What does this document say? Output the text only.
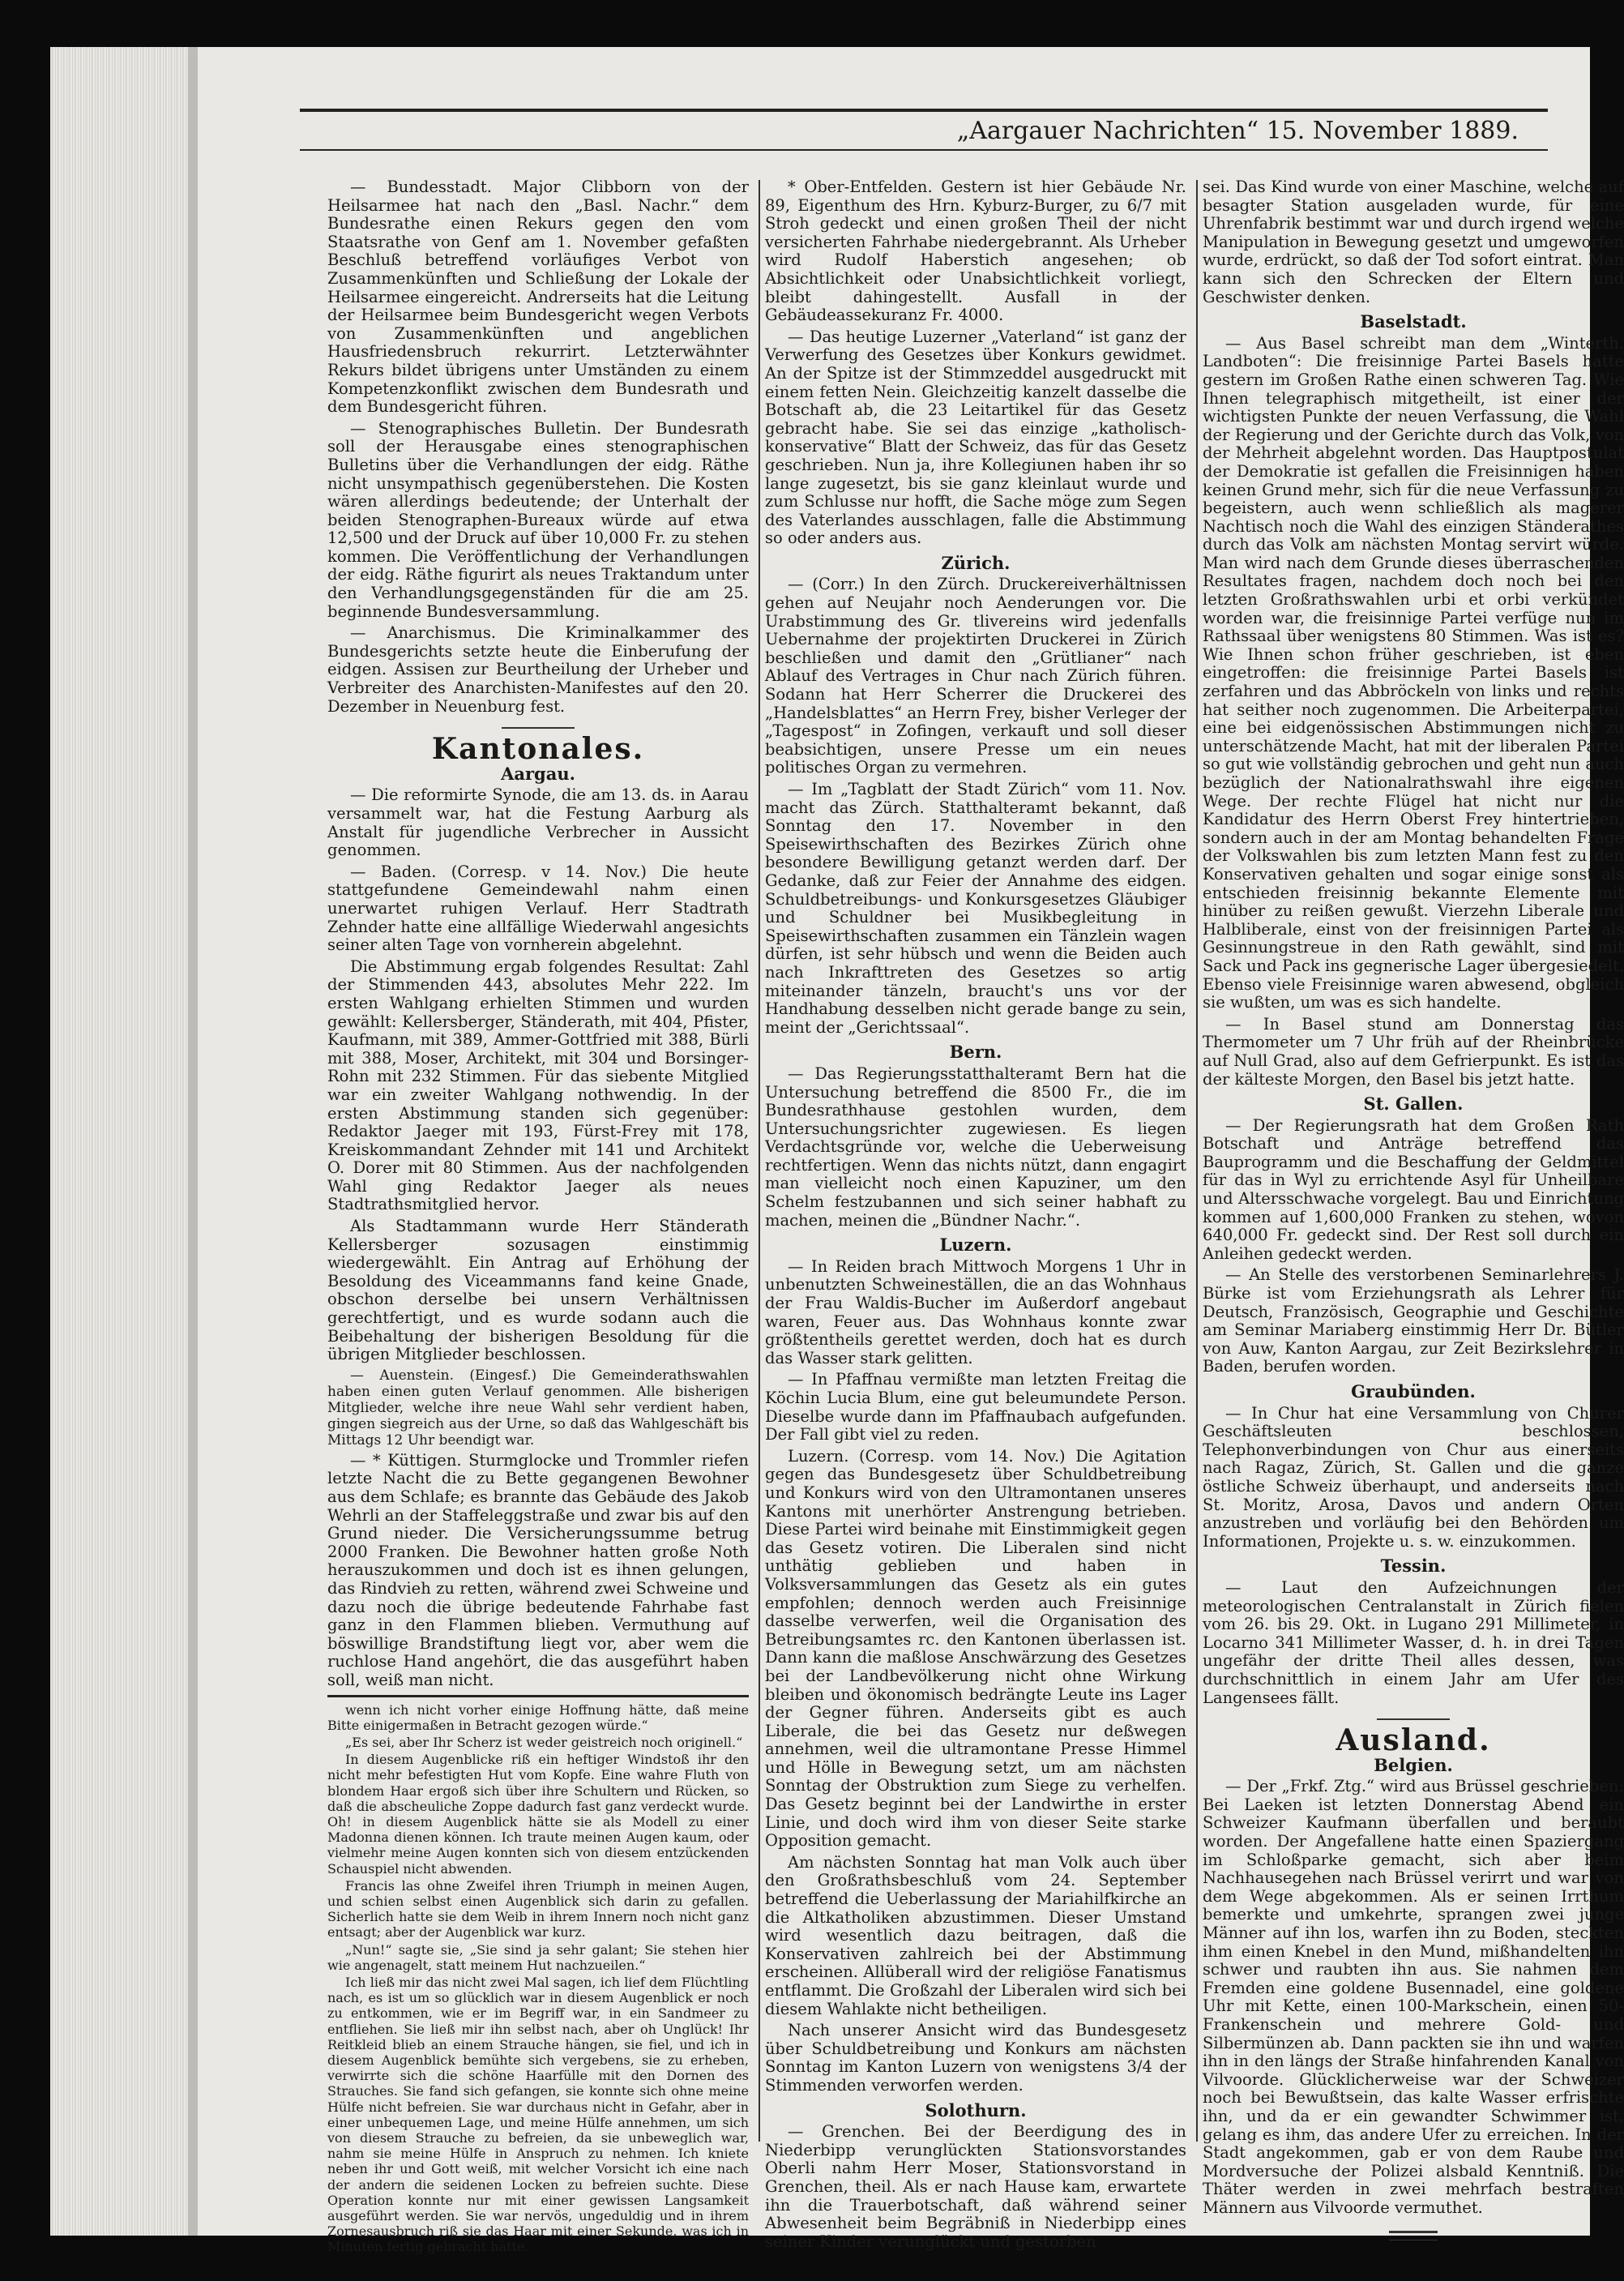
„Aargauer Nachrichten“ 15. November 1889.

— Bundesstadt. Major Clibborn von der Heilsarmee hat nach den „Basl. Nachr.“ dem Bundesrathe einen Rekurs gegen den vom Staatsrathe von Genf am 1. November gefaßten Beschluß betreffend vorläufiges Verbot von Zusammenkünften und Schließung der Lokale der Heilsarmee eingereicht. Andrerseits hat die Leitung der Heilsarmee beim Bundesgericht wegen Verbots von Zusammenkünften und angeblichen Hausfriedensbruch rekurrirt. Letzterwähnter Rekurs bildet übrigens unter Umständen zu einem Kompetenzkonflikt zwischen dem Bundesrath und dem Bundesgericht führen.

— Stenographisches Bulletin. Der Bundesrath soll der Herausgabe eines stenographischen Bulletins über die Verhandlungen der eidg. Räthe nicht unsympathisch gegenüberstehen. Die Kosten wären allerdings bedeutende; der Unterhalt der beiden Stenographen-Bureaux würde auf etwa 12,500 und der Druck auf über 10,000 Fr. zu stehen kommen. Die Veröffentlichung der Verhandlungen der eidg. Räthe figurirt als neues Traktandum unter den Verhandlungsgegenständen für die am 25. beginnende Bundesversammlung.

— Anarchismus. Die Kriminalkammer des Bundesgerichts setzte heute die Einberufung der eidgen. Assisen zur Beurtheilung der Urheber und Verbreiter des Anarchisten-Manifestes auf den 20. Dezember in Neuenburg fest.

Kantonales.
Aargau.

— Die reformirte Synode, die am 13. ds. in Aarau versammelt war, hat die Festung Aarburg als Anstalt für jugendliche Verbrecher in Aussicht genommen.

— Baden. (Corresp. v 14. Nov.) Die heute stattgefundene Gemeindewahl nahm einen unerwartet ruhigen Verlauf. Herr Stadtrath Zehnder hatte eine allfällige Wiederwahl angesichts seiner alten Tage von vornherein abgelehnt.

Die Abstimmung ergab folgendes Resultat: Zahl der Stimmenden 443, absolutes Mehr 222. Im ersten Wahlgang erhielten Stimmen und wurden gewählt: Kellersberger, Ständerath, mit 404, Pfister, Kaufmann, mit 389, Ammer-Gottfried mit 388, Bürli mit 388, Moser, Architekt, mit 304 und Borsinger-Rohn mit 232 Stimmen. Für das siebente Mitglied war ein zweiter Wahlgang nothwendig. In der ersten Abstimmung standen sich gegenüber: Redaktor Jaeger mit 193, Fürst-Frey mit 178, Kreiskommandant Zehnder mit 141 und Architekt O. Dorer mit 80 Stimmen. Aus der nachfolgenden Wahl ging Redaktor Jaeger als neues Stadtrathsmitglied hervor.

Als Stadtammann wurde Herr Ständerath Kellersberger sozusagen einstimmig wiedergewählt. Ein Antrag auf Erhöhung der Besoldung des Viceammanns fand keine Gnade, obschon derselbe bei unsern Verhältnissen gerechtfertigt, und es wurde sodann auch die Beibehaltung der bisherigen Besoldung für die übrigen Mitglieder beschlossen.

— Auenstein. (Eingesf.) Die Gemeinderathswahlen haben einen guten Verlauf genommen. Alle bisherigen Mitglieder, welche ihre neue Wahl sehr verdient haben, gingen siegreich aus der Urne, so daß das Wahlgeschäft bis Mittags 12 Uhr beendigt war.

— * Küttigen. Sturmglocke und Trommler riefen letzte Nacht die zu Bette gegangenen Bewohner aus dem Schlafe; es brannte das Gebäude des Jakob Wehrli an der Staffeleggstraße und zwar bis auf den Grund nieder. Die Versicherungssumme betrug 2000 Franken. Die Bewohner hatten große Noth herauszukommen und doch ist es ihnen gelungen, das Rindvieh zu retten, während zwei Schweine und dazu noch die übrige bedeutende Fahrhabe fast ganz in den Flammen blieben. Vermuthung auf böswillige Brandstiftung liegt vor, aber wem die ruchlose Hand angehört, die das ausgeführt haben soll, weiß man nicht.

wenn ich nicht vorher einige Hoffnung hätte, daß meine Bitte einigermaßen in Betracht gezogen würde.“

„Es sei, aber Ihr Scherz ist weder geistreich noch originell.“

In diesem Augenblicke riß ein heftiger Windstoß ihr den nicht mehr befestigten Hut vom Kopfe. Eine wahre Fluth von blondem Haar ergoß sich über ihre Schultern und Rücken, so daß die abscheuliche Zoppe dadurch fast ganz verdeckt wurde. Oh! in diesem Augenblick hätte sie als Modell zu einer Madonna dienen können. Ich traute meinen Augen kaum, oder vielmehr meine Augen konnten sich von diesem entzückenden Schauspiel nicht abwenden.

Francis las ohne Zweifel ihren Triumph in meinen Augen, und schien selbst einen Augenblick sich darin zu gefallen. Sicherlich hatte sie dem Weib in ihrem Innern noch nicht ganz entsagt; aber der Augenblick war kurz.

„Nun!“ sagte sie, „Sie sind ja sehr galant; Sie stehen hier wie angenagelt, statt meinem Hut nachzueilen.“

Ich ließ mir das nicht zwei Mal sagen, ich lief dem Flüchtling nach, es ist um so glücklich war in diesem Augenblick er noch zu entkommen, wie er im Begriff war, in ein Sandmeer zu entfliehen. Sie ließ mir ihn selbst nach, aber oh Unglück! Ihr Reitkleid blieb an einem Strauche hängen, sie fiel, und ich in diesem Augenblick bemühte sich vergebens, sie zu erheben, verwirrte sich die schöne Haarfülle mit den Dornen des Strauches. Sie fand sich gefangen, sie konnte sich ohne meine Hülfe nicht befreien. Sie war durchaus nicht in Gefahr, aber in einer unbequemen Lage, und meine Hülfe annehmen, um sich von diesem Strauche zu befreien, da sie unbeweglich war, nahm sie meine Hülfe in Anspruch zu nehmen. Ich kniete neben ihr und Gott weiß, mit welcher Vorsicht ich eine nach der andern die seidenen Locken zu befreien suchte. Diese Operation konnte nur mit einer gewissen Langsamkeit ausgeführt werden. Sie war nervös, ungeduldig und in ihrem Zornesausbruch riß sie das Haar mit einer Sekunde, was ich in Minuten fertig gebracht hätte.

* Ober-Entfelden. Gestern ist hier Gebäude Nr. 89, Eigenthum des Hrn. Kyburz-Burger, zu 6/7 mit Stroh gedeckt und einen großen Theil der nicht versicherten Fahrhabe niedergebrannt. Als Urheber wird Rudolf Haberstich angesehen; ob Absichtlichkeit oder Unabsichtlichkeit vorliegt, bleibt dahingestellt. Ausfall in der Gebäudeassekuranz Fr. 4000.

— Das heutige Luzerner „Vaterland“ ist ganz der Verwerfung des Gesetzes über Konkurs gewidmet. An der Spitze ist der Stimmzeddel ausgedruckt mit einem fetten Nein. Gleichzeitig kanzelt dasselbe die Botschaft ab, die 23 Leitartikel für das Gesetz gebracht habe. Sie sei das einzige „katholisch-konservative“ Blatt der Schweiz, das für das Gesetz geschrieben. Nun ja, ihre Kollegiunen haben ihr so lange zugesetzt, bis sie ganz kleinlaut wurde und zum Schlusse nur hofft, die Sache möge zum Segen des Vaterlandes ausschlagen, falle die Abstimmung so oder anders aus.

Zürich.

— (Corr.) In den Zürch. Druckereiverhältnissen gehen auf Neujahr noch Aenderungen vor. Die Urabstimmung des Gr. tlivereins wird jedenfalls Uebernahme der projektirten Druckerei in Zürich beschließen und damit den „Grütlianer“ nach Ablauf des Vertrages in Chur nach Zürich führen. Sodann hat Herr Scherrer die Druckerei des „Handelsblattes“ an Herrn Frey, bisher Verleger der „Tagespost“ in Zofingen, verkauft und soll dieser beabsichtigen, unsere Presse um ein neues politisches Organ zu vermehren.

— Im „Tagblatt der Stadt Zürich“ vom 11. Nov. macht das Zürch. Statthalteramt bekannt, daß Sonntag den 17. November in den Speisewirthschaften des Bezirkes Zürich ohne besondere Bewilligung getanzt werden darf. Der Gedanke, daß zur Feier der Annahme des eidgen. Schuldbetreibungs- und Konkursgesetzes Gläubiger und Schuldner bei Musikbegleitung in Speisewirthschaften zusammen ein Tänzlein wagen dürfen, ist sehr hübsch und wenn die Beiden auch nach Inkrafttreten des Gesetzes so artig miteinander tänzeln, braucht's uns vor der Handhabung desselben nicht gerade bange zu sein, meint der „Gerichtssaal“.

Bern.

— Das Regierungsstatthalteramt Bern hat die Untersuchung betreffend die 8500 Fr., die im Bundesrathhause gestohlen wurden, dem Untersuchungsrichter zugewiesen. Es liegen Verdachtsgründe vor, welche die Ueberweisung rechtfertigen. Wenn das nichts nützt, dann engagirt man vielleicht noch einen Kapuziner, um den Schelm festzubannen und sich seiner habhaft zu machen, meinen die „Bündner Nachr.“.

Luzern.

— In Reiden brach Mittwoch Morgens 1 Uhr in unbenutzten Schweineställen, die an das Wohnhaus der Frau Waldis-Bucher im Außerdorf angebaut waren, Feuer aus. Das Wohnhaus konnte zwar größtentheils gerettet werden, doch hat es durch das Wasser stark gelitten.

— In Pfaffnau vermißte man letzten Freitag die Köchin Lucia Blum, eine gut beleumundete Person. Dieselbe wurde dann im Pfaffnaubach aufgefunden. Der Fall gibt viel zu reden.

Luzern. (Corresp. vom 14. Nov.) Die Agitation gegen das Bundesgesetz über Schuldbetreibung und Konkurs wird von den Ultramontanen unseres Kantons mit unerhörter Anstrengung betrieben. Diese Partei wird beinahe mit Einstimmigkeit gegen das Gesetz votiren. Die Liberalen sind nicht unthätig geblieben und haben in Volksversammlungen das Gesetz als ein gutes empfohlen; dennoch werden auch Freisinnige dasselbe verwerfen, weil die Organisation des Betreibungsamtes rc. den Kantonen überlassen ist. Dann kann die maßlose Anschwärzung des Gesetzes bei der Landbevölkerung nicht ohne Wirkung bleiben und ökonomisch bedrängte Leute ins Lager der Gegner führen. Anderseits gibt es auch Liberale, die bei das Gesetz nur deßwegen annehmen, weil die ultramontane Presse Himmel und Hölle in Bewegung setzt, um am nächsten Sonntag der Obstruktion zum Siege zu verhelfen. Das Gesetz beginnt bei der Landwirthe in erster Linie, und doch wird ihm von dieser Seite starke Opposition gemacht.

Am nächsten Sonntag hat man Volk auch über den Großrathsbeschluß vom 24. September betreffend die Ueberlassung der Mariahilfkirche an die Altkatholiken abzustimmen. Dieser Umstand wird wesentlich dazu beitragen, daß die Konservativen zahlreich bei der Abstimmung erscheinen. Allüberall wird der religiöse Fanatismus entflammt. Die Großzahl der Liberalen wird sich bei diesem Wahlakte nicht betheiligen.

Nach unserer Ansicht wird das Bundesgesetz über Schuldbetreibung und Konkurs am nächsten Sonntag im Kanton Luzern von wenigstens 3/4 der Stimmenden verworfen werden.

Solothurn.

— Grenchen. Bei der Beerdigung des in Niederbipp verunglückten Stationsvorstandes Oberli nahm Herr Moser, Stationsvorstand in Grenchen, theil. Als er nach Hause kam, erwartete ihn die Trauerbotschaft, daß während seiner Abwesenheit beim Begräbniß in Niederbipp eines seiner Kinder verunglückt und gestorben

sei. Das Kind wurde von einer Maschine, welche auf besagter Station ausgeladen wurde, für eine Uhrenfabrik bestimmt war und durch irgend welche Manipulation in Bewegung gesetzt und umgeworfen wurde, erdrückt, so daß der Tod sofort eintrat. Man kann sich den Schrecken der Eltern und Geschwister denken.

Baselstadt.

— Aus Basel schreibt man dem „Winterth. Landboten“: Die freisinnige Partei Basels hatte gestern im Großen Rathe einen schweren Tag. Wie Ihnen telegraphisch mitgetheilt, ist einer der wichtigsten Punkte der neuen Verfassung, die Wahl der Regierung und der Gerichte durch das Volk, von der Mehrheit abgelehnt worden. Das Hauptpostulat der Demokratie ist gefallen die Freisinnigen haben keinen Grund mehr, sich für die neue Verfassung zu begeistern, auch wenn schließlich als magerer Nachtisch noch die Wahl des einzigen Ständerathes durch das Volk am nächsten Montag servirt würde. Man wird nach dem Grunde dieses überraschenden Resultates fragen, nachdem doch noch bei den letzten Großrathswahlen urbi et orbi verkündet worden war, die freisinnige Partei verfüge nun im Rathssaal über wenigstens 80 Stimmen. Was ist es? Wie Ihnen schon früher geschrieben, ist eben eingetroffen: die freisinnige Partei Basels ist zerfahren und das Abbröckeln von links und rechts hat seither noch zugenommen. Die Arbeiterpartei, eine bei eidgenössischen Abstimmungen nicht zu unterschätzende Macht, hat mit der liberalen Partei so gut wie vollständig gebrochen und geht nun auch bezüglich der Nationalrathswahl ihre eigenen Wege. Der rechte Flügel hat nicht nur die Kandidatur des Herrn Oberst Frey hintertrieben, sondern auch in der am Montag behandelten Frage der Volkswahlen bis zum letzten Mann fest zu den Konservativen gehalten und sogar einige sonst als entschieden freisinnig bekannte Elemente mit hinüber zu reißen gewußt. Vierzehn Liberale und Halbliberale, einst von der freisinnigen Partei als Gesinnungstreue in den Rath gewählt, sind mit Sack und Pack ins gegnerische Lager übergesiedelt. Ebenso viele Freisinnige waren abwesend, obgleich sie wußten, um was es sich handelte.

— In Basel stund am Donnerstag das Thermometer um 7 Uhr früh auf der Rheinbrücke auf Null Grad, also auf dem Gefrierpunkt. Es ist das der kälteste Morgen, den Basel bis jetzt hatte.

St. Gallen.

— Der Regierungsrath hat dem Großen Rath Botschaft und Anträge betreffend das Bauprogramm und die Beschaffung der Geldmittel für das in Wyl zu errichtende Asyl für Unheilbare und Altersschwache vorgelegt. Bau und Einrichtung kommen auf 1,600,000 Franken zu stehen, wovon 640,000 Fr. gedeckt sind. Der Rest soll durch ein Anleihen gedeckt werden.

— An Stelle des verstorbenen Seminarlehrers J. Bürke ist vom Erziehungsrath als Lehrer für Deutsch, Französisch, Geographie und Geschichte am Seminar Mariaberg einstimmig Herr Dr. Bütler von Auw, Kanton Aargau, zur Zeit Bezirkslehrer in Baden, berufen worden.

Graubünden.

— In Chur hat eine Versammlung von Churer Geschäftsleuten beschlossen, Telephonverbindungen von Chur aus einerseits nach Ragaz, Zürich, St. Gallen und die ganze östliche Schweiz überhaupt, und anderseits nach St. Moritz, Arosa, Davos und andern Orten anzustreben und vorläufig bei den Behörden um Informationen, Projekte u. s. w. einzukommen.

Tessin.

— Laut den Aufzeichnungen der meteorologischen Centralanstalt in Zürich fielen vom 26. bis 29. Okt. in Lugano 291 Millimeter, in Locarno 341 Millimeter Wasser, d. h. in drei Tagen ungefähr der dritte Theil alles dessen, was durchschnittlich in einem Jahr am Ufer des Langensees fällt.

Ausland.
Belgien.

— Der „Frkf. Ztg.“ wird aus Brüssel geschrieben: Bei Laeken ist letzten Donnerstag Abend ein Schweizer Kaufmann überfallen und beraubt worden. Der Angefallene hatte einen Spaziergang im Schloßparke gemacht, sich aber beim Nachhausegehen nach Brüssel verirrt und war von dem Wege abgekommen. Als er seinen Irrthum bemerkte und umkehrte, sprangen zwei junge Männer auf ihn los, warfen ihn zu Boden, steckten ihm einen Knebel in den Mund, mißhandelten ihn schwer und raubten ihn aus. Sie nahmen dem Fremden eine goldene Busennadel, eine goldene Uhr mit Kette, einen 100-Markschein, einen 50-Frankenschein und mehrere Gold- und Silbermünzen ab. Dann packten sie ihn und warfen ihn in den längs der Straße hinfahrenden Kanal von Vilvoorde. Glücklicherweise war der Schweizer noch bei Bewußtsein, das kalte Wasser erfrischte ihn, und da er ein gewandter Schwimmer ist, gelang es ihm, das andere Ufer zu erreichen. In der Stadt angekommen, gab er von dem Raube und Mordversuche der Polizei alsbald Kenntniß. Die Thäter werden in zwei mehrfach bestraften Männern aus Vilvoorde vermuthet.
